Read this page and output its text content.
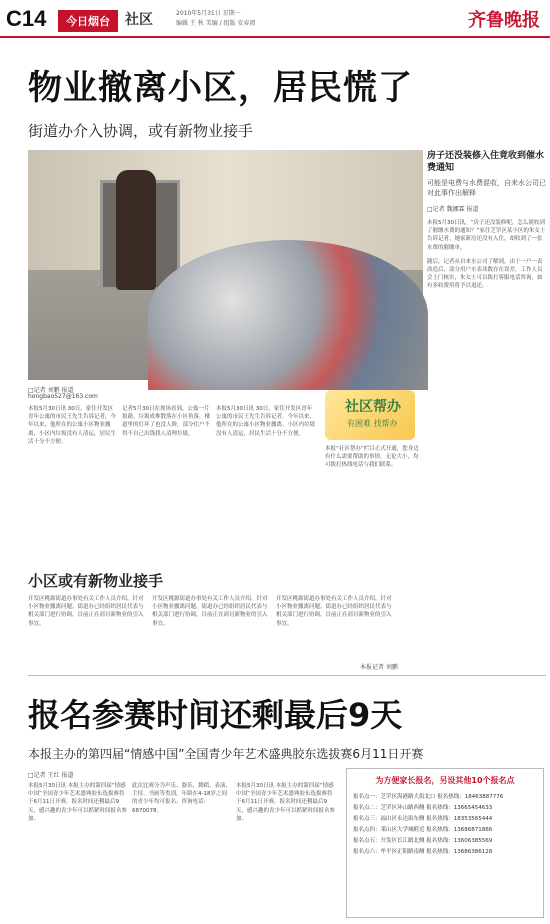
C14	今日烟台	社区	2010年5月31日 星期一
编辑 王 秋 美编 / 组版 安春阅	齐鲁晚报
物业撤离小区，居民慌了
街道办介入协调，或有新物业接手
◀嘉泰小区附近公寓大楼居民堆放的垃圾已堆积成了“垃圾山”。居民只得搬垃圾。 记者 刘鹏摄
房子还没装修入住竟收到催水费通知
可能是电费与水费混收，自来水公司已对此事作出解释
□记者 魏娜霖 报道
本报5月30日讯，“房子还没装修呢，怎么就收到了催缴水费的通知？”家住芝罘区某小区的朱女士告诉记者，她家新房还没有入住，却收到了一张水费的催缴单。
随后，记者从自来水公司了解到，由于一户一表改造后，部分用户水表读数存在误差，工作人员会上门核实，朱女士可以拨打客服电话咨询，如有多收费用将予以退还。
□记者 刘鹏 报道
hongbao527@163.com
本报5月30日讯 30日，家住开发区青年公寓的市民王先生告诉记者，今年以来，他所在的公寓小区物业撤离，小区内垃圾没有人清运，居民生活十分不方便。
记者5月30日在现场看到，公寓一片狼藉，垃圾成堆散落在小区角落，楼道里的灯坏了也没人修，部分住户不得不自己出钱找人清理垃圾。
本报5月30日讯 30日，家住开发区青年公寓的市民王先生告诉记者，今年以来，他所在的公寓小区物业撤离，小区内垃圾没有人清运，居民生活十分不方便。
社区帮办
有困难 找帮办
本报“社区帮办”栏目正式开通，您身边有什么需要帮助的事情，无论大小，均可拨打热线电话与我们联系。
小区或有新物业接手
开发区桃源街道办事处有关工作人员介绍，针对小区物业撤离问题，街道办已经组织居民代表与相关部门进行协调，目前正在商讨新物业的引入事宜。
开发区桃源街道办事处有关工作人员介绍，针对小区物业撤离问题，街道办已经组织居民代表与相关部门进行协调，目前正在商讨新物业的引入事宜。
开发区桃源街道办事处有关工作人员介绍，针对小区物业撤离问题，街道办已经组织居民代表与相关部门进行协调，目前正在商讨新物业的引入事宜。
本报记者 刘鹏
报名参赛时间还剩最后9天
本报主办的第四届“情感中国”全国青少年艺术盛典胶东选拔赛6月11日开赛
□记者 王红 报道
本报5月30日讯 本报主办的第四届“情感中国”全国青少年艺术盛典胶东选拔赛将于6月11日开赛，报名时间还剩最后9天，感兴趣的青少年可以抓紧时间报名参加。
此次比赛分为声乐、器乐、舞蹈、表演、主持、书画等类别，年龄在4-18岁之间的青少年均可报名。咨询电话：6870078。
本报5月30日讯 本报主办的第四届“情感中国”全国青少年艺术盛典胶东选拔赛将于6月11日开赛，报名时间还剩最后9天，感兴趣的青少年可以抓紧时间报名参加。
为方便家长报名，另设其他10个报名点
报名点一：芝罘区海港路大街北口 报名热线：18463887776
报名点二：芝罘区环山路西侧 报名热线：13665454633
报名点三：福山区永达街东侧 报名热线：18353565444
报名点四：莱山区大学城附近 报名热线：13686871866
报名点五：开发区长江路北侧 报名热线：13606385569
报名点六：牟平区正阳路南侧 报名热线：13686386128
